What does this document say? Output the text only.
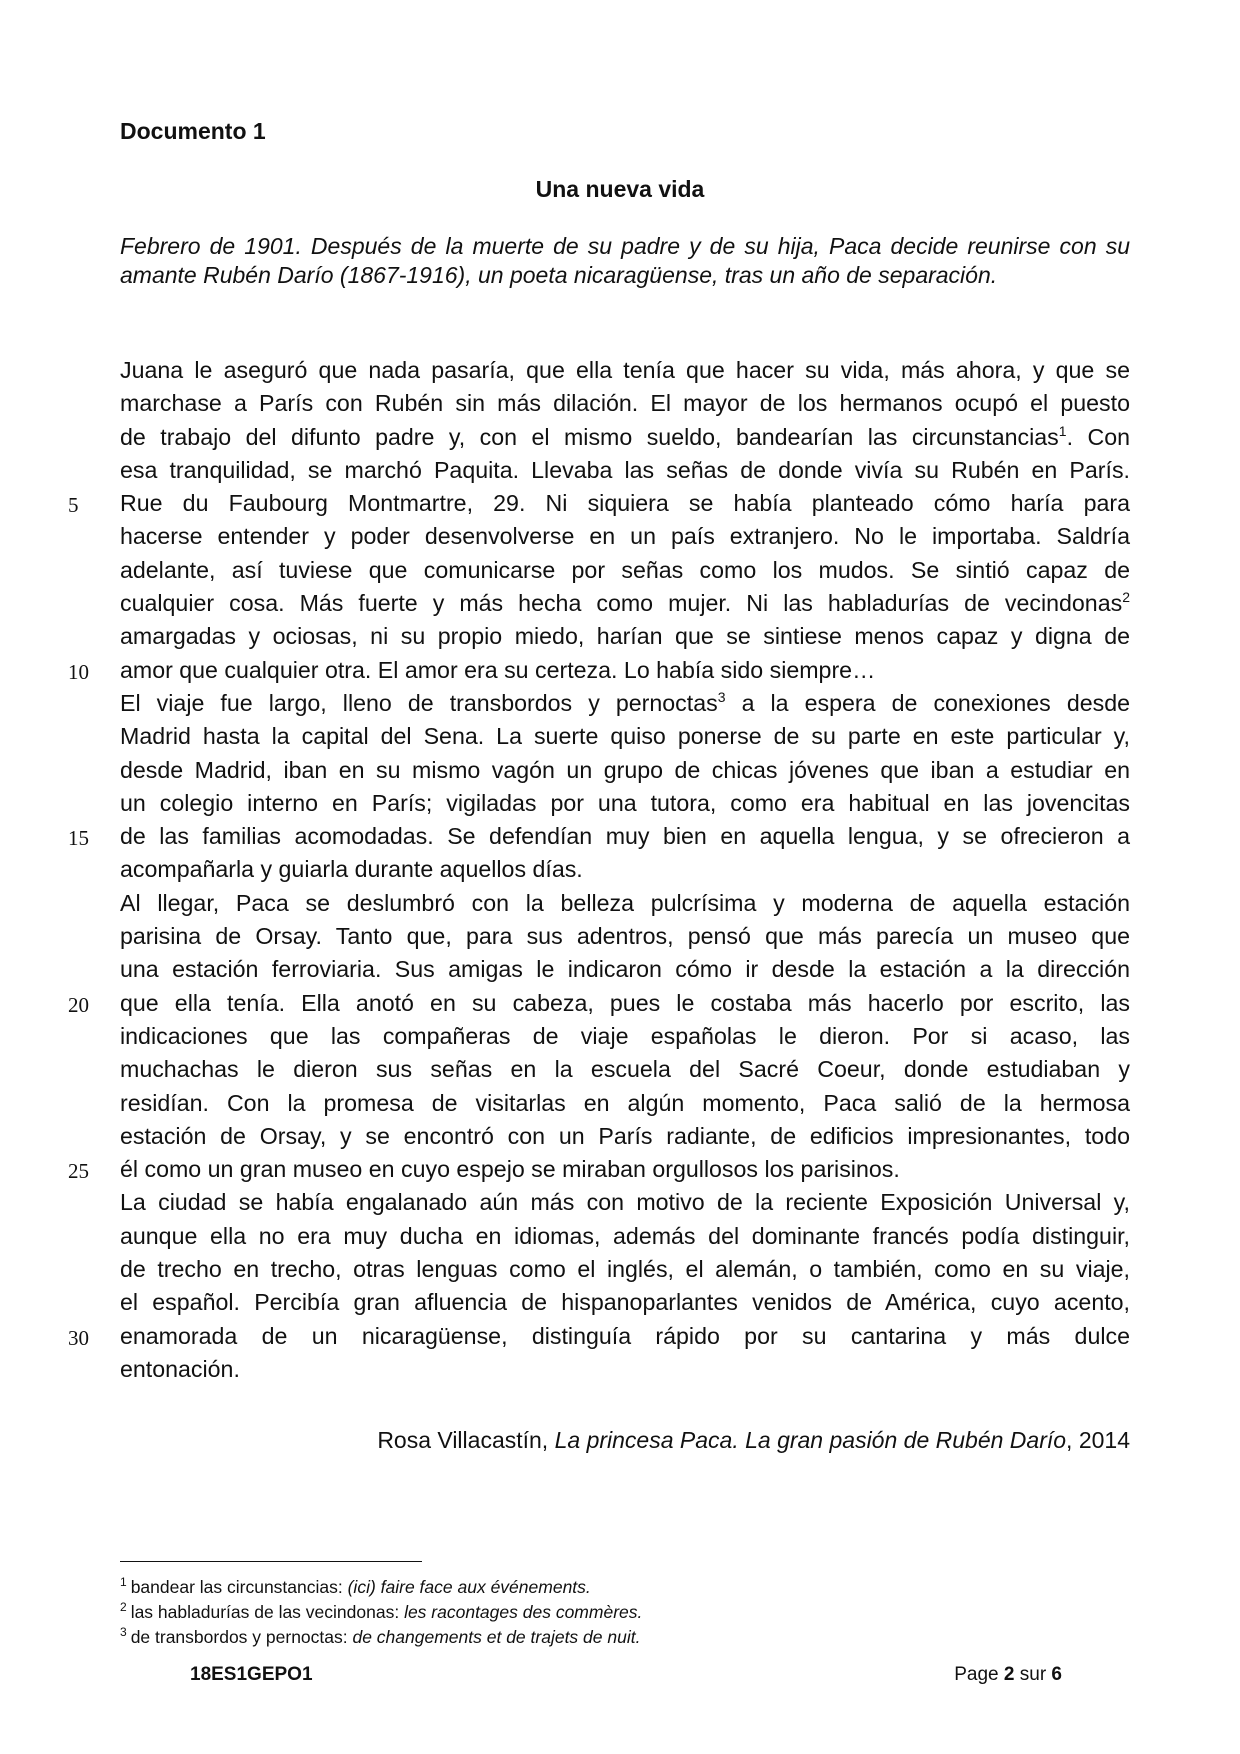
Documento 1
Una nueva vida

Febrero de 1901. Después de la muerte de su padre y de su hija, Paca decide reunirse con su amante Rubén Darío (1867-1916), un poeta nicaragüense, tras un año de separación.

Juana le aseguró que nada pasaría, que ella tenía que hacer su vida, más ahora, y que se
marchase a París con Rubén sin más dilación. El mayor de los hermanos ocupó el puesto
de trabajo del difunto padre y, con el mismo sueldo, bandearían las circunstancias$^1$. Con
esa tranquilidad, se marchó Paquita. Llevaba las señas de donde vivía su Rubén en París.
5	Rue du Faubourg Montmartre, 29. Ni siquiera se había planteado cómo haría para
hacerse entender y poder desenvolverse en un país extranjero. No le importaba. Saldría
adelante, así tuviese que comunicarse por señas como los mudos. Se sintió capaz de
cualquier cosa. Más fuerte y más hecha como mujer. Ni las habladurías de vecindonas$^2$
amargadas y ociosas, ni su propio miedo, harían que se sintiese menos capaz y digna de
10	amor que cualquier otra. El amor era su certeza. Lo había sido siempre…
El viaje fue largo, lleno de transbordos y pernoctas$^3$ a la espera de conexiones desde
Madrid hasta la capital del Sena. La suerte quiso ponerse de su parte en este particular y,
desde Madrid, iban en su mismo vagón un grupo de chicas jóvenes que iban a estudiar en
un colegio interno en París; vigiladas por una tutora, como era habitual en las jovencitas
15	de las familias acomodadas. Se defendían muy bien en aquella lengua, y se ofrecieron a
acompañarla y guiarla durante aquellos días.
Al llegar, Paca se deslumbró con la belleza pulcrísima y moderna de aquella estación
parisina de Orsay. Tanto que, para sus adentros, pensó que más parecía un museo que
una estación ferroviaria. Sus amigas le indicaron cómo ir desde la estación a la dirección
20	que ella tenía. Ella anotó en su cabeza, pues le costaba más hacerlo por escrito, las
indicaciones que las compañeras de viaje españolas le dieron. Por si acaso, las
muchachas le dieron sus señas en la escuela del Sacré Coeur, donde estudiaban y
residían. Con la promesa de visitarlas en algún momento, Paca salió de la hermosa
estación de Orsay, y se encontró con un París radiante, de edificios impresionantes, todo
25	él como un gran museo en cuyo espejo se miraban orgullosos los parisinos.
La ciudad se había engalanado aún más con motivo de la reciente Exposición Universal y,
aunque ella no era muy ducha en idiomas, además del dominante francés podía distinguir,
de trecho en trecho, otras lenguas como el inglés, el alemán, o también, como en su viaje,
el español. Percibía gran afluencia de hispanoparlantes venidos de América, cuyo acento,
30	enamorada de un nicaragüense, distinguía rápido por su cantarina y más dulce
entonación.

Rosa Villacastín, La princesa Paca. La gran pasión de Rubén Darío, 2014

$^1$ bandear las circunstancias: (ici) faire face aux événements.
$^2$ las habladurías de las vecindonas: les racontages des commères.
$^3$ de transbordos y pernoctas: de changements et de trajets de nuit.

18ES1GEPO1	Page 2 sur 6
